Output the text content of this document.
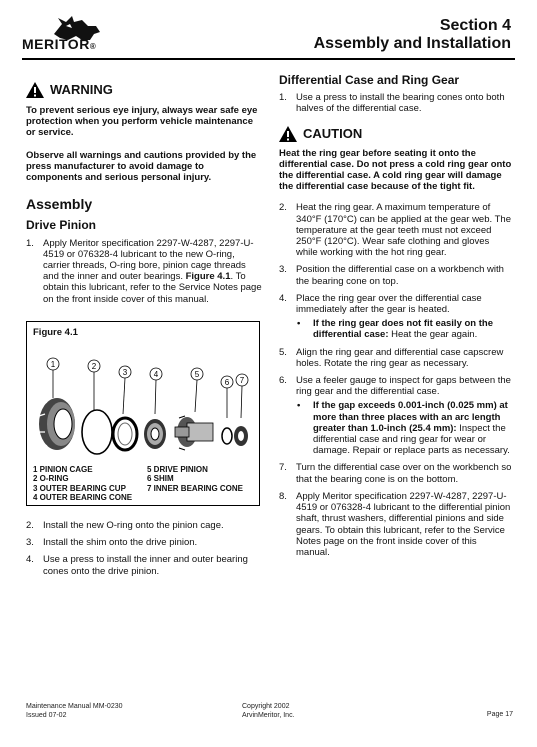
MERITOR®
Section 4
Assembly and Installation
WARNING
To prevent serious eye injury, always wear safe eye protection when you perform vehicle maintenance or service.
Observe all warnings and cautions provided by the press manufacturer to avoid damage to components and serious personal injury.
Assembly
Drive Pinion
1. Apply Meritor specification 2297-W-4287, 2297-U-4519 or 076328-4 lubricant to the new O-ring, carrier threads, O-ring bore, pinion cage threads and the inner and outer bearings. Figure 4.1. To obtain this lubricant, refer to the Service Notes page on the front inside cover of this manual.
Figure 4.1
1	2
3	4	5
6 7
1 PINION CAGE
2 O-RING
3 OUTER BEARING CUP
4 OUTER BEARING CONE
5 DRIVE PINION
6 SHIM
7 INNER BEARING CONE
2. Install the new O-ring onto the pinion cage.
3. Install the shim onto the drive pinion.
4. Use a press to install the inner and outer bearing cones onto the drive pinion.
Differential Case and Ring Gear
1. Use a press to install the bearing cones onto both halves of the differential case.
CAUTION
Heat the ring gear before seating it onto the differential case. Do not press a cold ring gear onto the differential case. A cold ring gear will damage the differential case because of the tight fit.
2. Heat the ring gear. A maximum temperature of 340°F (170°C) can be applied at the gear web. The temperature at the gear teeth must not exceed 250°F (120°C). Wear safe clothing and gloves while working with the hot ring gear.
3. Position the differential case on a workbench with the bearing cone on top.
4. Place the ring gear over the differential case immediately after the gear is heated.
• If the ring gear does not fit easily on the differential case: Heat the gear again.
5. Align the ring gear and differential case capscrew holes. Rotate the ring gear as necessary.
6. Use a feeler gauge to inspect for gaps between the ring gear and the differential case.
• If the gap exceeds 0.001-inch (0.025 mm) at more than three places with an arc length greater than 1.0-inch (25.4 mm): Inspect the differential case and ring gear for wear or damage. Repair or replace parts as necessary.
7. Turn the differential case over on the workbench so that the bearing cone is on the bottom.
8. Apply Meritor specification 2297-W-4287, 2297-U-4519 or 076328-4 lubricant to the differential pinion shaft, thrust washers, differential pinions and side gears. To obtain this lubricant, refer to the Service Notes page on the front inside cover of this manual.
Maintenance Manual MM-0230
Issued 07-02
Copyright 2002
ArvinMeritor, Inc.	Page 17
